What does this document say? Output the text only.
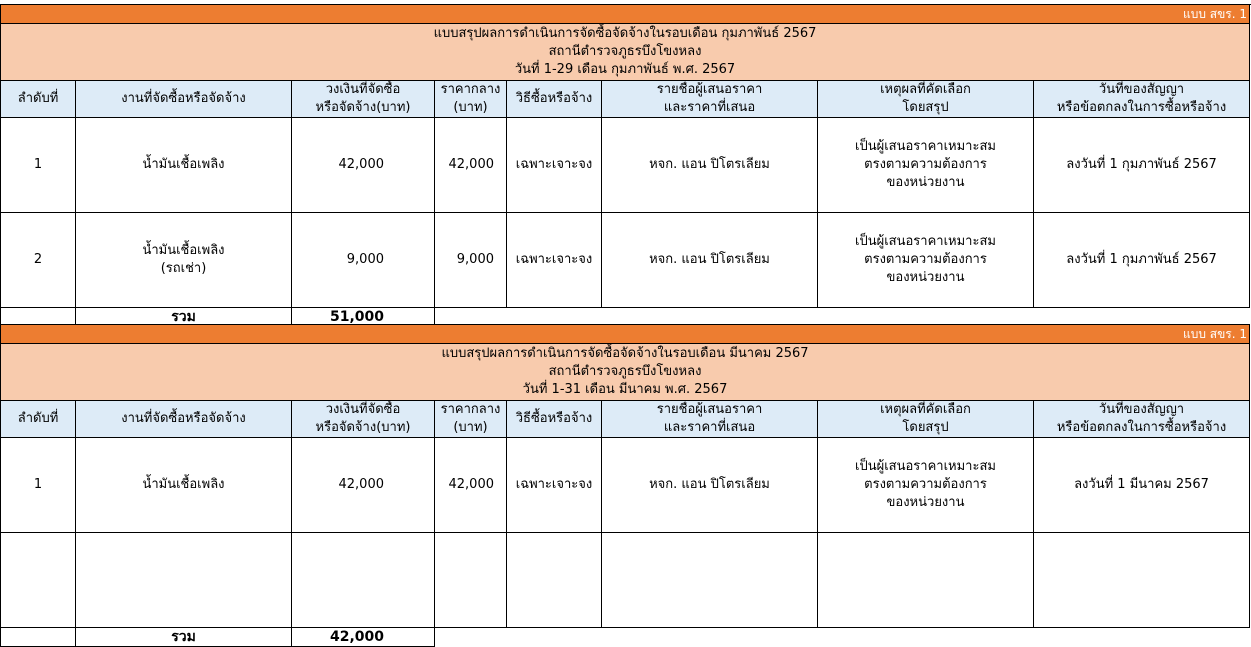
แบบ สขร. 1							

แบบสรุปผลการดำเนินการจัดซื้อจัดจ้างในรอบเดือน กุมภาพันธ์ 2567
สถานีตำรวจภูธรบึงโขงหลง
วันที่ 1-29 เดือน กุมภาพันธ์ พ.ศ. 2567							

ลำดับที่	งานที่จัดซื้อหรือจัดจ้าง	วงเงินที่จัดซื้อ
หรือจัดจ้าง(บาท)	ราคากลาง
(บาท)	วิธีซื้อหรือจ้าง	รายชื่อผู้เสนอราคา
และราคาที่เสนอ	เหตุผลที่คัดเลือก
โดยสรุป	วันที่ของสัญญา
หรือข้อตกลงในการซื้อหรือจ้าง

1	น้ำมันเชื้อเพลิง	42,000	42,000	เฉพาะเจาะจง	หจก. แอน ปิโตรเลียม	เป็นผู้เสนอราคาเหมาะสม
ตรงตามความต้องการ
ของหน่วยงาน	ลงวันที่ 1 กุมภาพันธ์ 2567
2	น้ำมันเชื้อเพลิง
(รถเช่า)	9,000	9,000	เฉพาะเจาะจง	หจก. แอน ปิโตรเลียม	เป็นผู้เสนอราคาเหมาะสม
ตรงตามความต้องการ
ของหน่วยงาน	ลงวันที่ 1 กุมภาพันธ์ 2567
	รวม	51,000					
แบบ สขร. 1							

แบบสรุปผลการดำเนินการจัดซื้อจัดจ้างในรอบเดือน มีนาคม 2567
สถานีตำรวจภูธรบึงโขงหลง
วันที่ 1-31 เดือน มีนาคม พ.ศ. 2567							

ลำดับที่	งานที่จัดซื้อหรือจัดจ้าง	วงเงินที่จัดซื้อ
หรือจัดจ้าง(บาท)	ราคากลาง
(บาท)	วิธีซื้อหรือจ้าง	รายชื่อผู้เสนอราคา
และราคาที่เสนอ	เหตุผลที่คัดเลือก
โดยสรุป	วันที่ของสัญญา
หรือข้อตกลงในการซื้อหรือจ้าง

1	น้ำมันเชื้อเพลิง	42,000	42,000	เฉพาะเจาะจง	หจก. แอน ปิโตรเลียม	เป็นผู้เสนอราคาเหมาะสม
ตรงตามความต้องการ
ของหน่วยงาน	ลงวันที่ 1 มีนาคม 2567

	รวม	42,000					
